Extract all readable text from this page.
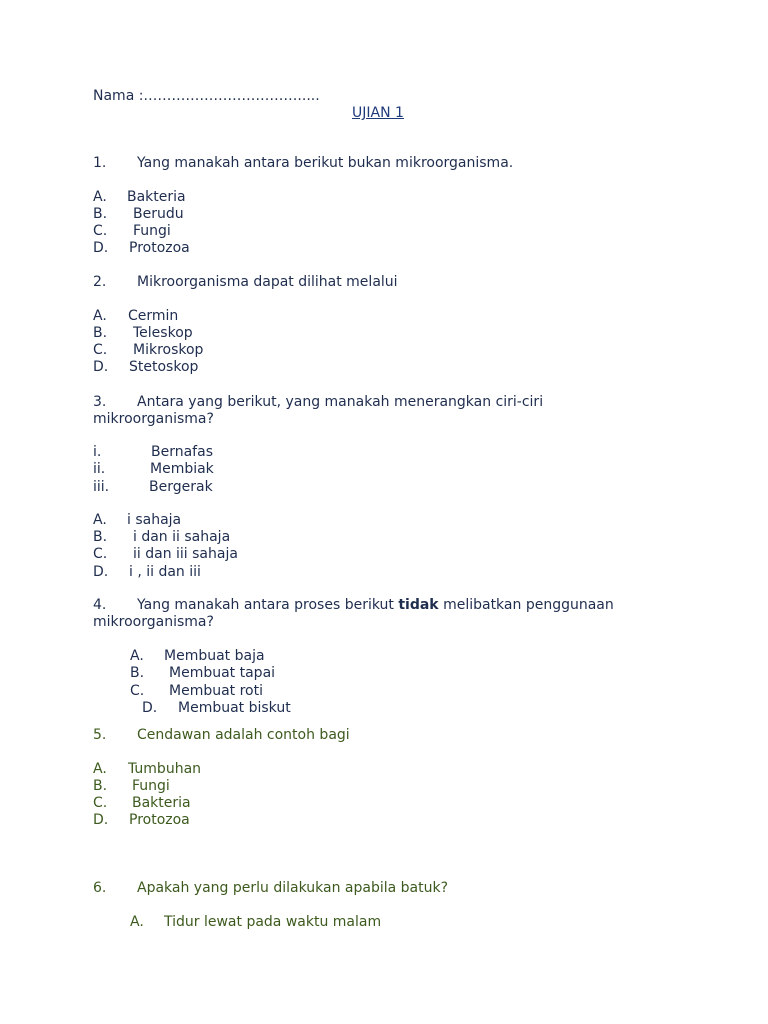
Nama :…………………………….....
UJIAN 1
1. Yang manakah antara berikut bukan mikroorganisma.
A. Bakteria
B. Berudu
C. Fungi
D. Protozoa
2. Mikroorganisma dapat dilihat melalui
A. Cermin
B. Teleskop
C. Mikroskop
D. Stetoskop
3. Antara yang berikut, yang manakah menerangkan ciri-ciri
mikroorganisma?
i.	Bernafas
ii.	Membiak
iii.	Bergerak
A. i sahaja
B. i dan ii sahaja
C. ii dan iii sahaja
D. i , ii dan iii
4. Yang manakah antara proses berikut tidak melibatkan penggunaan
mikroorganisma?
A. Membuat baja
B. Membuat tapai
C. Membuat roti
D. Membuat biskut
5. Cendawan adalah contoh bagi
A. Tumbuhan
B. Fungi
C. Bakteria
D. Protozoa
6. Apakah yang perlu dilakukan apabila batuk?
A. Tidur lewat pada waktu malam
